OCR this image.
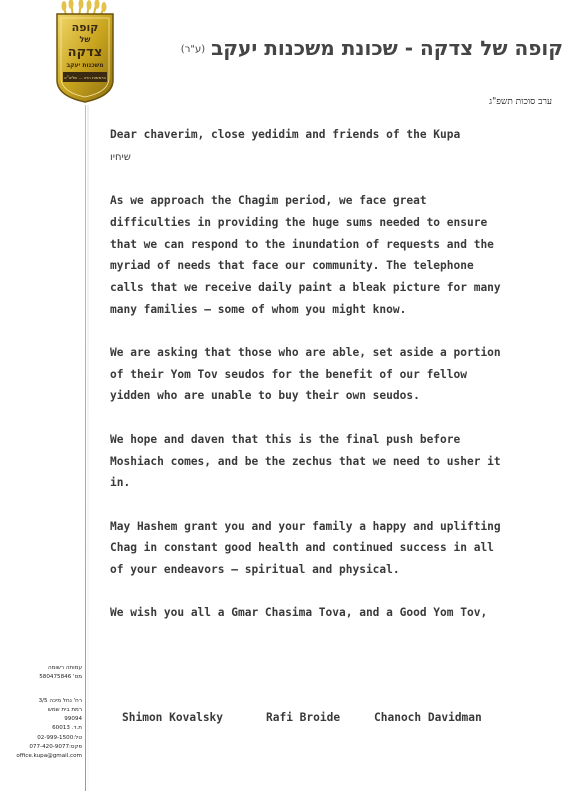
בראשות הרב ... שליט"א
קופה
של
צדקה
משכנות יעקב
קופה של צדקה - שכונת משכנות יעקב(ע"ר)
ערב סוכות תשפ"ג

Dear chaverim, close yedidim and friends of the Kupa
שיחיו

As we approach the Chagim period, we face great difficulties in providing the huge sums needed to ensure that we can respond to the inundation of requests and the myriad of needs that face our community. The telephone calls that we receive daily paint a bleak picture for many many families – some of whom you might know.

We are asking that those who are able, set aside a portion of their Yom Tov seudos for the benefit of our fellow yidden who are unable to buy their own seudos.

We hope and daven that this is the final push before Moshiach comes, and be the zechus that we need to usher it in.

May Hashem grant you and your family a happy and uplifting Chag in constant good health and continued success in all of your endeavors – spiritual and physical.

We wish you all a Gmar Chasima Tova, and a Good Yom Tov,

Shimon Kovalsky	Rafi Broide	Chanoch Davidman
עמותה רשומה
מס' 580475846
רח' נחל מיכה 3/5
רמת בית שמש
99094
ת.ד. 60013
טל:02-999-1500
פקס:077-420-9077
office.kupa@gmail.com
